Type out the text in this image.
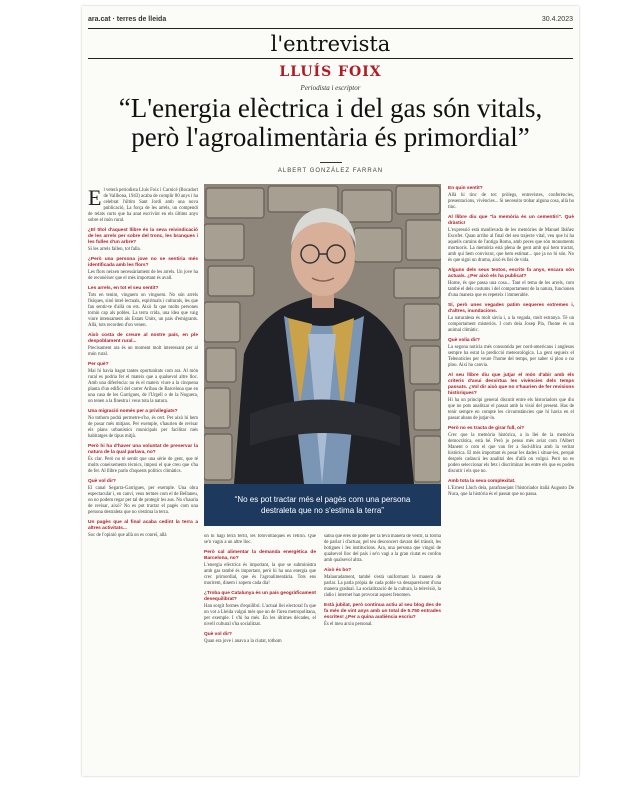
ara.cat · terres de lleida	30.4.2023
l'entrevista
LLUÍS FOIX
Periodista i escriptor
“L'energia elèctrica i del gas són vitals, però l'agroalimentària és primordial”
ALBERT GONZÁLEZ FARRAN

El veterà periodista Lluís Foix i Carnicé (Bocadort de Vallbona, 1943) acaba de complir 80 anys i ha celebrat l'últim Sant Jordi amb una nova publicació, La força de les arrels, un compendi de relats curts que ha anat escrivint en els últims anys sobre el món rural.

¿El títol d'aquest llibre és la seva reivindicació de les arrels per sobre del tronc, les branques i les fulles d'un arbre?

Si les arrels fallen, tot falla.

¿Però una persona jove no se sentiria més identificada amb les flors?

Les flors neixen necessàriament de les arrels. Un jove ha de reconèixer que el més important és avall.

Les arrels, en tot el seu sentit?

Tots en tenim, vinguem on vinguem. No són arrels físiques, sinó intel·lectuals, espirituals i culturals, les que fan sentir-te d'allà on ets. Això fa que molts persones tornin cap als pobles. La terra crida, una idea que vaig viure intensament als Estats Units, un país d'emigrants. Allà, tots recorden d'on venen.

Això costa de creure al nostre país, en ple despoblament rural...

Precisament ara és un moment molt interessant per al món rural.

Per què?

Mai hi havia hagut tantes oportunitats com ara. Al món rural es podria fer el mateix que a qualsevol altre lloc. Amb una diferència: no és el mateix viure a la cinquena planta d'un edifici del carrer Aribau de Barcelona que en una casa de les Garrigues, de l'Urgell o de la Noguera, on tenen a la finestra i veus tota la natura.

Una migració només per a privilegiats?

No tothom podrà permetre-s'ho, és cert. Per això hi hem de posar més mitjans. Per exemple, s'haurien de revisar els plans urbanístics municipals per facilitar més habitatges de tipus mitjà.

Però hi ha d'haver una voluntat de preservar la natura de la qual parlava, no?

És clar. Però no té sentit que una sèrie de gent, que té molts coneixements tècnics, imposi el que creu que s'ha de fer. Al llibre parlo d'aquests polítics climàtics.

Què vol dir?

El canal Segarra-Garrigues, per exemple. Una obra espectacular i, en canvi, veus termes com el de Bellaneu, on no podem regar per tal de protegir les aus. No s'hauria de revisar, això? No es pot tractar el pagès com una persona destraleta que no s'estima la terra.

Un pagès que al final acaba cedint la terra a altres activitats...

Soc de l'opinió que allà on es conreï, allà

“No es pot tractar més el pagès com una persona destraleta que no s'estima la terra”

on hi hagi terra fèrtil, les fotovoltaiques es retirin. Que se'n vagin a un altre lloc.

Però cal alimentar la demanda energètica de Barcelona, no?

L'energia elèctrica és important, la que se subministra amb gas també és important, però hi ha una energia que crec primordial, que és l'agroalimentària. Tots ens morirem, dinem i sopem cada dia!

¿Troba que Catalunya és un país geogràficament desequilibrat?

Han sorgit formes d'equilibri. L'actual llei electoral fa que un vot a Lleida valgui més que un de l'àrea metropolitana, per exemple. I s'hi ha més. En les últimes dècades, el nivell cultural s'ha socialitzat.

Què vol dir?

Quan era jove i anava a la ciutat, tothom

sabia que eres de poble per la teva manera de vestir, la forma de parlar i d'actuar, pel teu desconcert davant del trànsit, les botigues i les institucions. Ara, una persona que vingui de qualsevol lloc del país i se'n vagi a la gran ciutat es confon amb qualsevol altra.

Això és bo?

Malauradament, també s'està uniformant la manera de parlar. La parla pròpia de cada poble va desapareixent d'una manera gradual. La socialització de la cultura, la televisió, la ràdio i internet han provocat aquest fenomen.

Està jubilat, però continua actiu al seu blog des de fa més de vint anys amb un total de 5.750 entrades escrites! ¿Per a quina audiència escriu?

És el meu arxiu personal.

En quin sentit?

Allà hi tinc de tot: pròlegs, entrevistes, conferències, presentacions, vivències... Si necessito trobar alguna cosa, allà ho tinc.

Al llibre diu que "la memòria és un cementiri". Què dràstic!

L'expressió està manllevada de les memòries de Manuel Ibáñez Escofet. Quan arribo al final del seu trajecte vital, veu que hi ha aquells camins de l'antiga Roma, amb peces que són monuments mortuoris. La memòria està plena de gent amb qui hem tractat, amb qui hem conviscut, que hem estimat... que ja no hi són. No és que signi un drama, això és llei de vida.

Alguns dels seus textos, escrits fa anys, encara són actuals. ¿Per això els ha publicat?

Home, és que passa una cosa... Tant el tema de les arrels, com també el dels costums i del comportament de la natura, funcionen d'una manera que es repeteix i immerable.

Sí, però unes vegades patim sequeres extremes i, d'altres, inundacions.

La naturalesa és molt sàvia i, a la vegada, molt estranya. Té un comportament misteriós. I com deia Josep Pla, l'home és un animal climàtic.

Què volia dir?

La segona notícia més consumida per nord-americans i anglesos sempre ha estat la predicció meteorològica. La gent segueix el Telenotícies per veure l'home del temps, per saber si plou o no plou. Així ho canvia.

Al seu llibre diu que jutjar el món d'abir amb els criteris d'avui desvirtua les vivències dels temps passats. ¿Vol dir això que no s'haurien de fer revisions històriques?

Hi ha un principi general discutit entre els historiadors que diu que no pots analitzar el passat amb la visió del present. Has de tenir sempre en compte les circumstàncies que hi havia en el passat abans de jutjar-lo.

Però no es tracta de girar full, oi?

Crec que la memòria històrica, a la llei de la memòria democràtica, està bé. Però jo penso més aviat com l'Albert Manent o com el que van fer a Sud-àfrica amb la veritat històrica. El més important és posar les dades i situar-les, perquè després cadascú les analitzi des d'allà on vulgui. Però no es poden seleccionar els fets i discriminar les entre els que es poden discutir i els que no.

Amb tota la seva complexitat.

L'Ernest Lluch deia, parafrasejant l'historiador italià Augusto De Nuca, que la història és el passat que no passa.
